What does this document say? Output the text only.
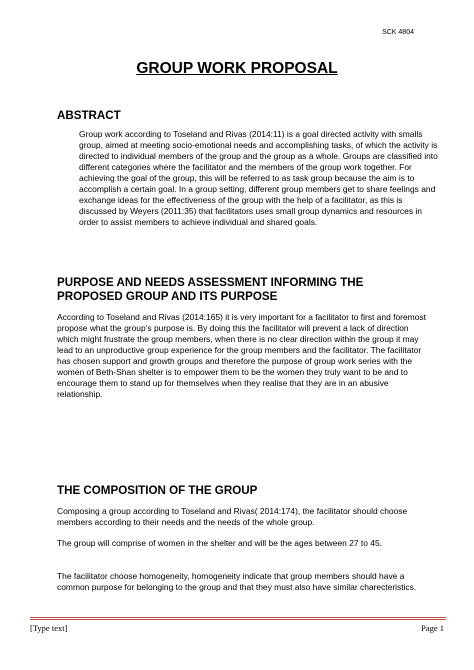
SCK 4804
GROUP WORK PROPOSAL
ABSTRACT

Group work according to Toseland and Rivas (2014:11) is a goal directed activity with smalls group, aimed at meeting socio-emotional needs and accomplishing tasks, of which the activity is directed to individual members of the group and the group as a whole. Groups are classified into different categories where the facilitator and the members of the group work together. For achieving the goal of the group, this will be referred to as task group because the aim is to accomplish a certain goal. In a group setting, different group members get to share feelings and exchange ideas for the effectiveness of the group with the help of a facilitator, as this is discussed by Weyers (2011:35) that facilitators uses small group dynamics and resources in order to assist members to achieve individual and shared goals.

PURPOSE AND NEEDS ASSESSMENT INFORMING THE
PROPOSED GROUP AND ITS PURPOSE

According to Toseland and Rivas (2014:165) it is very important for a facilitator to first and foremost propose what the group’s purpose is. By doing this the facilitator will prevent a lack of direction which might frustrate the group members, when there is no clear direction within the group it may lead to an unproductive group experience for the group members and the facilitator. The facilitator has chosen support and growth groups and therefore the purpose of group work series with the women of Beth-Shan shelter is to empower them to be the women they truly want to be and to encourage them to stand up for themselves when they realise that they are in an abusive relationship.

THE COMPOSITION OF THE GROUP

Composing a group according to Toseland and Rivas( 2014:174), the facilitator should choose members according to their needs and the needs of the whole group.

The group will comprise of women in the shelter and will be the ages between 27 to 45.

The facilitator choose homogeneity, homogeneity indicate that group members should have a common purpose for belonging to the group and that they must also have similar charecteristics.

[Type text]	Page 1
